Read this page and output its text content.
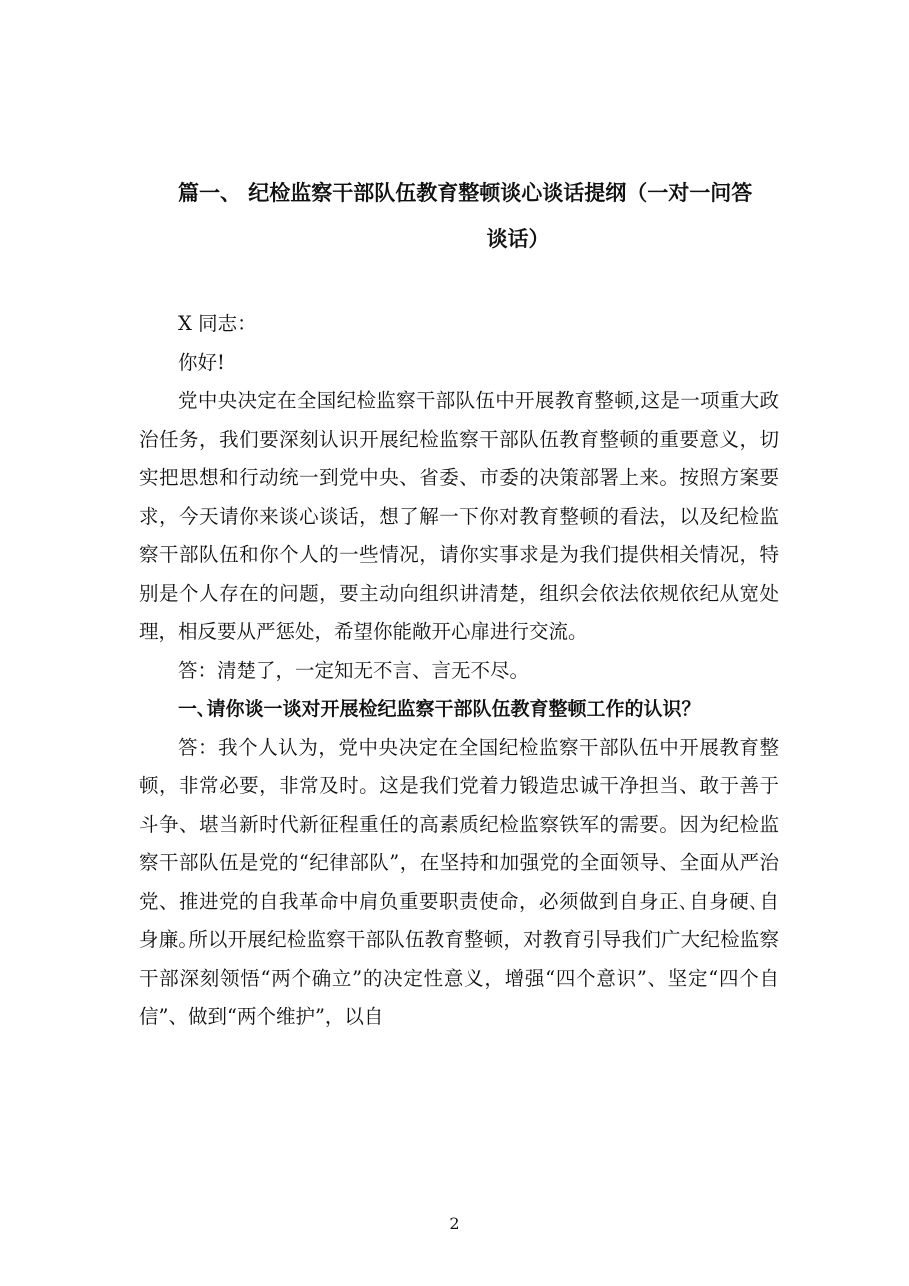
篇一、 纪检监察干部队伍教育整顿谈心谈话提纲（一对一问答
谈话）

X 同志：

你好!

党中央决定在全国纪检监察干部队伍中开展教育整顿,这是一项重大政治任务，我们要深刻认识开展纪检监察干部队伍教育整顿的重要意义，切实把思想和行动统一到党中央、省委、市委的决策部署上来。按照方案要求，今天请你来谈心谈话，想了解一下你对教育整顿的看法，以及纪检监察干部队伍和你个人的一些情况，请你实事求是为我们提供相关情况，特别是个人存在的问题，要主动向组织讲清楚，组织会依法依规依纪从宽处理，相反要从严惩处，希望你能敞开心扉进行交流。

答：清楚了，一定知无不言、言无不尽。

一､请你谈一谈对开展检纪监察干部队伍教育整顿工作的认识？

答：我个人认为，党中央决定在全国纪检监察干部队伍中开展教育整顿，非常必要，非常及时。这是我们党着力锻造忠诚干净担当、敢于善于斗争、堪当新时代新征程重任的高素质纪检监察铁军的需要。因为纪检监察干部队伍是党的“纪律部队”，在坚持和加强党的全面领导、全面从严治党、推进党的自我革命中肩负重要职责使命，必须做到自身正､自身硬､自身廉｡所以开展纪检监察干部队伍教育整顿，对教育引导我们广大纪检监察干部深刻领悟“两个确立”的决定性意义，增强“四个意识”、坚定“四个自信”、做到“两个维护”，以自

2
